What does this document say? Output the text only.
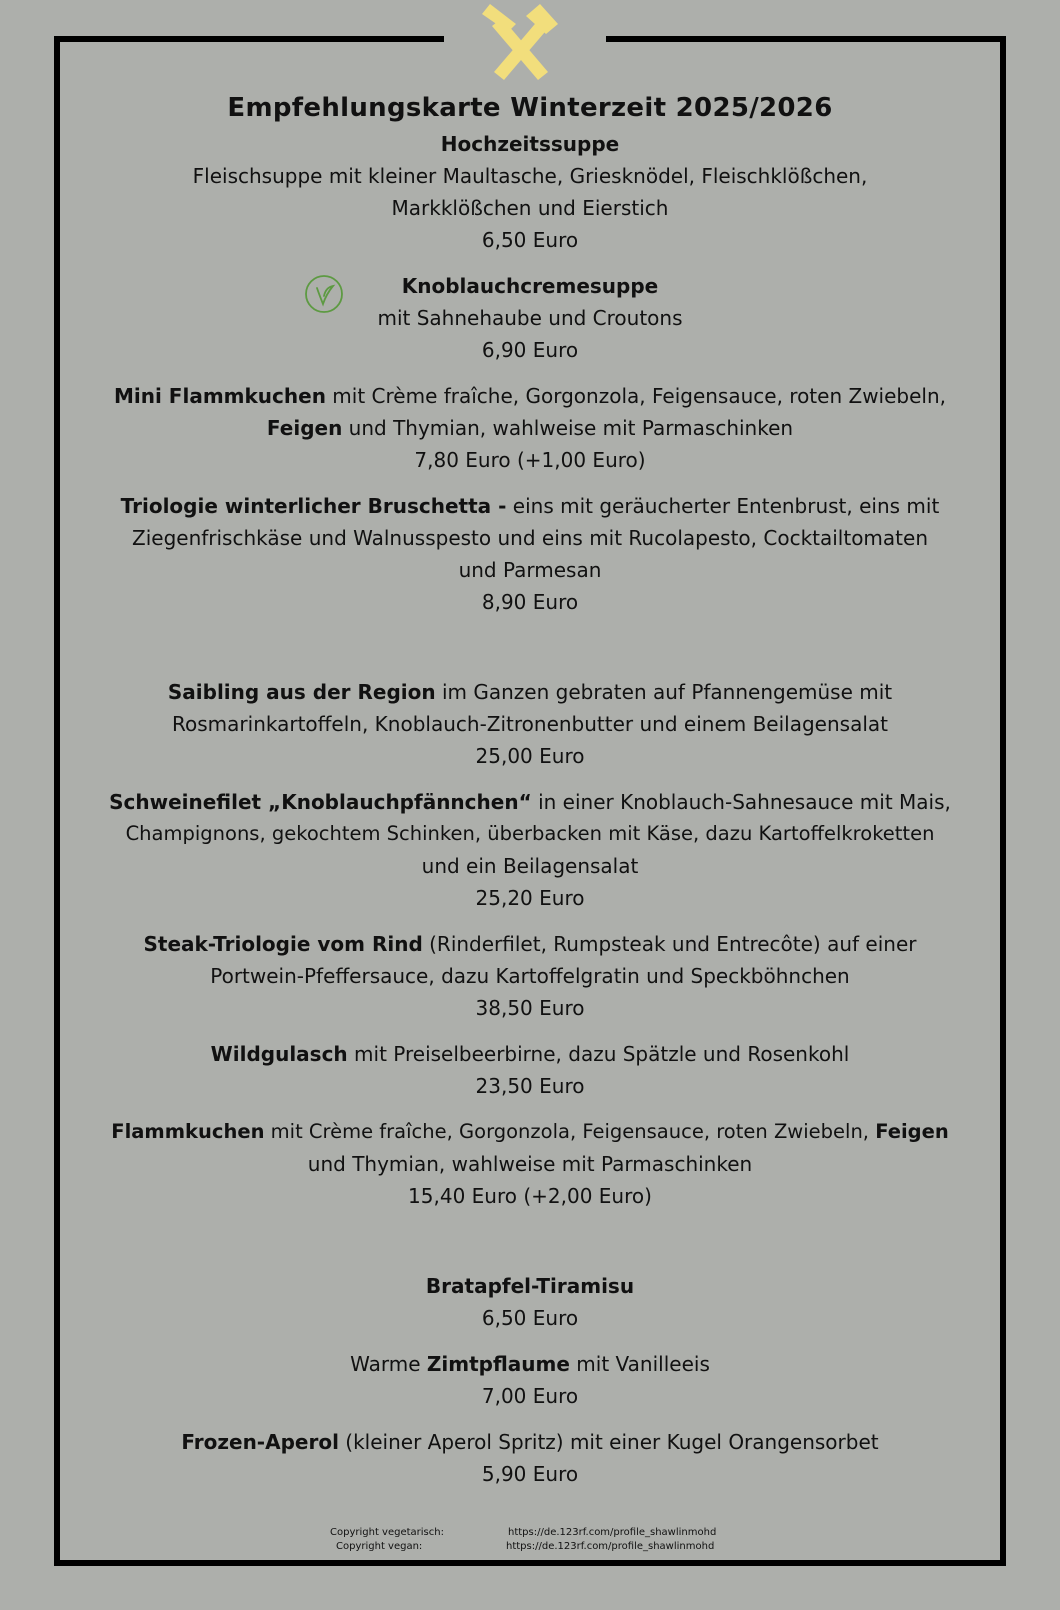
Empfehlungskarte Winterzeit 2025/2026

Hochzeitssuppe

Fleischsuppe mit kleiner Maultasche, Griesknödel, Fleischklößchen,

Markklößchen und Eierstich

6,50 Euro

Knoblauchcremesuppe

mit Sahnehaube und Croutons

6,90 Euro

Mini Flammkuchen mit Crème fraîche, Gorgonzola, Feigensauce, roten Zwiebeln,

Feigen und Thymian, wahlweise mit Parmaschinken

7,80 Euro (+1,00 Euro)

Triologie winterlicher Bruschetta - eins mit geräucherter Entenbrust, eins mit

Ziegenfrischkäse und Walnusspesto und eins mit Rucolapesto, Cocktailtomaten

und Parmesan

8,90 Euro

Saibling aus der Region im Ganzen gebraten auf Pfannengemüse mit

Rosmarinkartoffeln, Knoblauch-Zitronenbutter und einem Beilagensalat

25,00 Euro

Schweinefilet „Knoblauchpfännchen“ in einer Knoblauch-Sahnesauce mit Mais,

Champignons, gekochtem Schinken, überbacken mit Käse, dazu Kartoffelkroketten

und ein Beilagensalat

25,20 Euro

Steak-Triologie vom Rind (Rinderfilet, Rumpsteak und Entrecôte) auf einer

Portwein-Pfeffersauce, dazu Kartoffelgratin und Speckböhnchen

38,50 Euro

Wildgulasch mit Preiselbeerbirne, dazu Spätzle und Rosenkohl

23,50 Euro

Flammkuchen mit Crème fraîche, Gorgonzola, Feigensauce, roten Zwiebeln, Feigen

und Thymian, wahlweise mit Parmaschinken

15,40 Euro (+2,00 Euro)

Bratapfel-Tiramisu

6,50 Euro

Warme Zimtpflaume mit Vanilleeis

7,00 Euro

Frozen-Aperol (kleiner Aperol Spritz) mit einer Kugel Orangensorbet

5,90 Euro

Copyright vegetarisch:	https://de.123rf.com/profile_shawlinmohd
Copyright vegan:	https://de.123rf.com/profile_shawlinmohd
